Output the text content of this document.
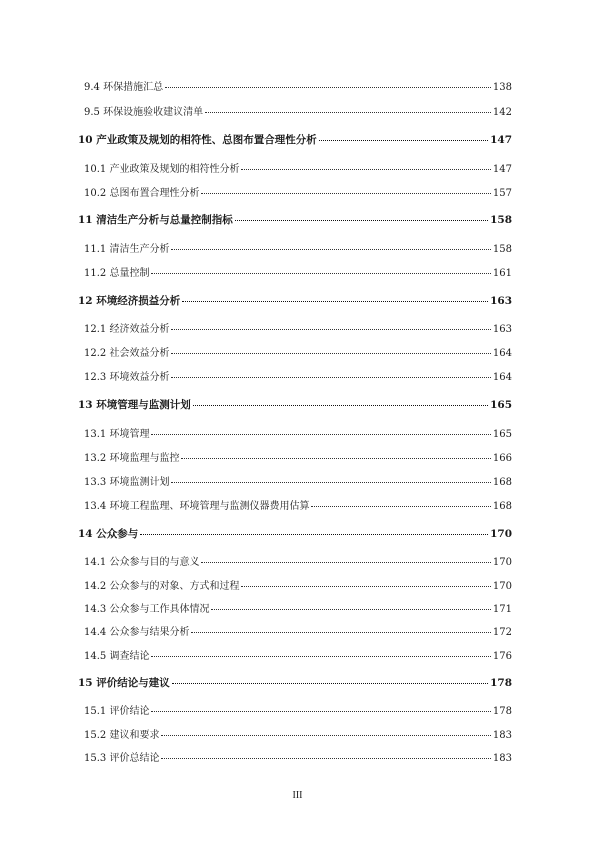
9.4 环保措施汇总	138
9.5 环保设施验收建议清单	142
10 产业政策及规划的相符性、总图布置合理性分析	147
10.1 产业政策及规划的相符性分析	147
10.2 总图布置合理性分析	157
11 清洁生产分析与总量控制指标	158
11.1 清洁生产分析	158
11.2 总量控制	161
12 环境经济损益分析	163
12.1 经济效益分析	163
12.2 社会效益分析	164
12.3 环境效益分析	164
13 环境管理与监测计划	165
13.1 环境管理	165
13.2 环境监理与监控	166
13.3 环境监测计划	168
13.4 环境工程监理、环境管理与监测仪器费用估算	168
14 公众参与	170
14.1 公众参与目的与意义	170
14.2 公众参与的对象、方式和过程	170
14.3 公众参与工作具体情况	171
14.4 公众参与结果分析	172
14.5 调查结论	176
15 评价结论与建议	178
15.1 评价结论	178
15.2 建议和要求	183
15.3 评价总结论	183
III
